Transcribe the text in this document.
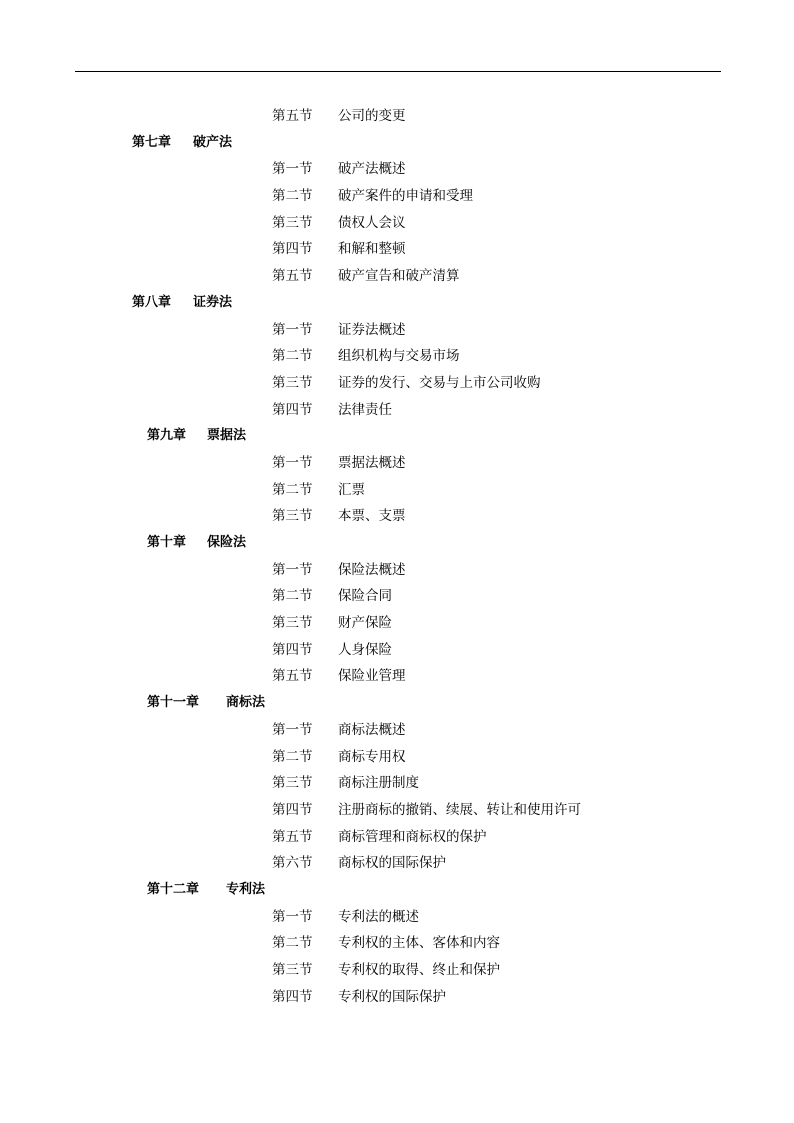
第五节 公司的变更
第七章 破产法
第一节 破产法概述
第二节 破产案件的申请和受理
第三节 债权人会议
第四节 和解和整顿
第五节 破产宣告和破产清算
第八章 证券法
第一节 证券法概述
第二节 组织机构与交易市场
第三节 证券的发行、交易与上市公司收购
第四节 法律责任
第九章 票据法
第一节 票据法概述
第二节 汇票
第三节 本票、支票
第十章 保险法
第一节 保险法概述
第二节 保险合同
第三节 财产保险
第四节 人身保险
第五节 保险业管理
第十一章 商标法
第一节 商标法概述
第二节 商标专用权
第三节 商标注册制度
第四节 注册商标的撤销、续展、转让和使用许可
第五节 商标管理和商标权的保护
第六节 商标权的国际保护
第十二章 专利法
第一节 专利法的概述
第二节 专利权的主体、客体和内容
第三节 专利权的取得、终止和保护
第四节 专利权的国际保护
